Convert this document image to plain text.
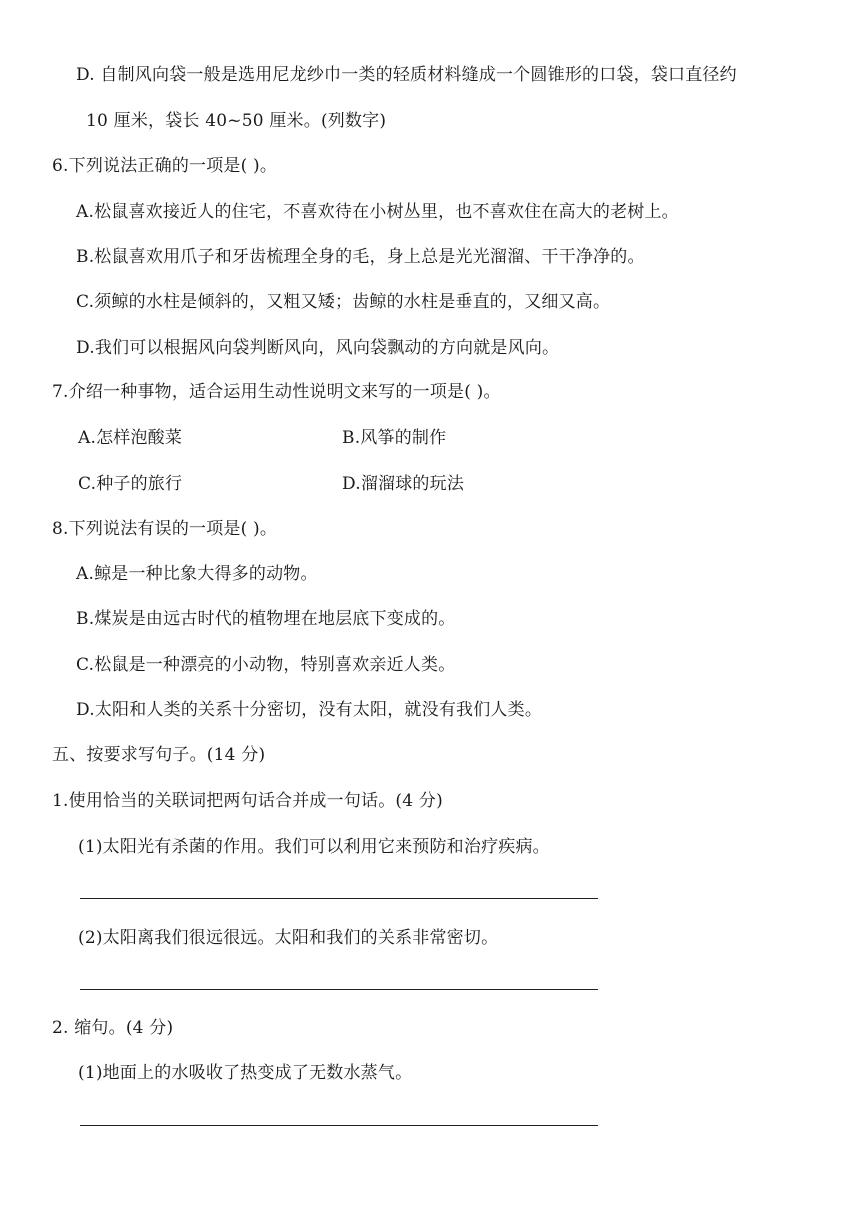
D. 自制风向袋一般是选用尼龙纱巾一类的轻质材料缝成一个圆锥形的口袋，袋口直径约
10 厘米，袋长 40~50 厘米。(列数字)
6.下列说法正确的一项是( )。
A.松鼠喜欢接近人的住宅，不喜欢待在小树丛里，也不喜欢住在高大的老树上。
B.松鼠喜欢用爪子和牙齿梳理全身的毛，身上总是光光溜溜、干干净净的。
C.须鲸的水柱是倾斜的，又粗又矮；齿鲸的水柱是垂直的，又细又高。
D.我们可以根据风向袋判断风向，风向袋飘动的方向就是风向。
7.介绍一种事物，适合运用生动性说明文来写的一项是( )。
A.怎样泡酸菜	B.风筝的制作
C.种子的旅行	D.溜溜球的玩法
8.下列说法有误的一项是( )。
A.鲸是一种比象大得多的动物。
B.煤炭是由远古时代的植物埋在地层底下变成的。
C.松鼠是一种漂亮的小动物，特别喜欢亲近人类。
D.太阳和人类的关系十分密切，没有太阳，就没有我们人类。
五、按要求写句子。(14 分)
1.使用恰当的关联词把两句话合并成一句话。(4 分)
(1)太阳光有杀菌的作用。我们可以利用它来预防和治疗疾病。
(2)太阳离我们很远很远。太阳和我们的关系非常密切。
2. 缩句。(4 分)
(1)地面上的水吸收了热变成了无数水蒸气。
